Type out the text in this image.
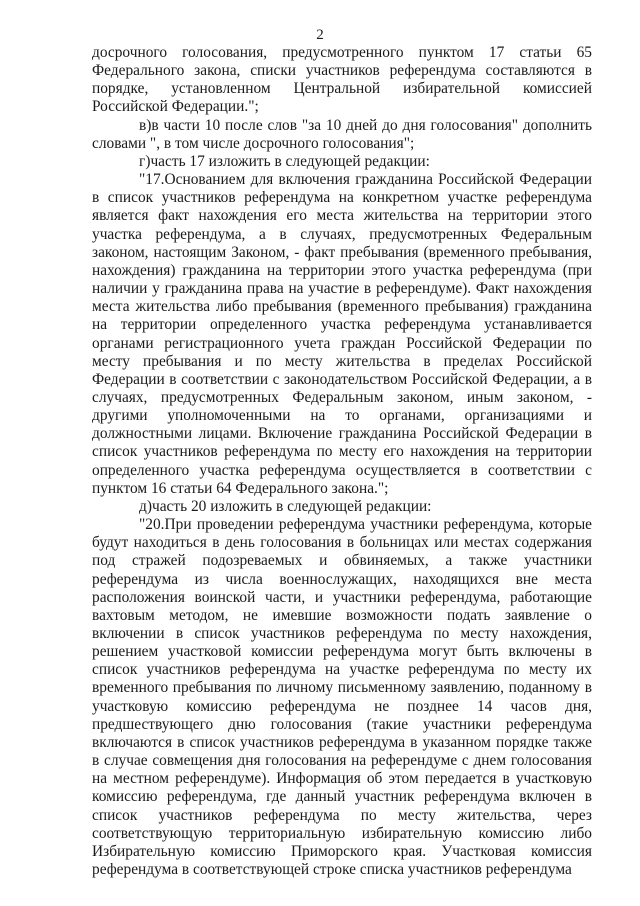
2

досрочного голосования, предусмотренного пунктом 17 статьи 65 Федерального закона, списки участников референдума составляются в порядке, установленном Центральной избирательной комиссией Российской Федерации.";

в)в части 10 после слов "за 10 дней до дня голосования" дополнить словами ", в том числе досрочного голосования";

г)часть 17 изложить в следующей редакции:

"17.Основанием для включения гражданина Российской Федерации в список участников референдума на конкретном участке референдума является факт нахождения его места жительства на территории этого участка референдума, а в случаях, предусмотренных Федеральным законом, настоящим Законом, - факт пребывания (временного пребывания, нахождения) гражданина на территории этого участка референдума (при наличии у гражданина права на участие в референдуме). Факт нахождения места жительства либо пребывания (временного пребывания) гражданина на территории определенного участка референдума устанавливается органами регистрационного учета граждан Российской Федерации по месту пребывания и по месту жительства в пределах Российской Федерации в соответствии с законодательством Российской Федерации, а в случаях, предусмотренных Федеральным законом, иным законом, - другими уполномоченными на то органами, организациями и должностными лицами. Включение гражданина Российской Федерации в список участников референдума по месту его нахождения на территории определенного участка референдума осуществляется в соответствии с пунктом 16 статьи 64 Федерального закона.";

д)часть 20 изложить в следующей редакции:

"20.При проведении референдума участники референдума, которые будут находиться в день голосования в больницах или местах содержания под стражей подозреваемых и обвиняемых, а также участники референдума из числа военнослужащих, находящихся вне места расположения воинской части, и участники референдума, работающие вахтовым методом, не имевшие возможности подать заявление о включении в список участников референдума по месту нахождения, решением участковой комиссии референдума могут быть включены в список участников референдума на участке референдума по месту их временного пребывания по личному письменному заявлению, поданному в участковую комиссию референдума не позднее 14 часов дня, предшествующего дню голосования (такие участники референдума включаются в список участников референдума в указанном порядке также в случае совмещения дня голосования на референдуме с днем голосования на местном референдуме). Информация об этом передается в участковую комиссию референдума, где данный участник референдума включен в список участников референдума по месту жительства, через соответствующую территориальную избирательную комиссию либо Избирательную комиссию Приморского края. Участковая комиссия референдума в соответствующей строке списка участников референдума
